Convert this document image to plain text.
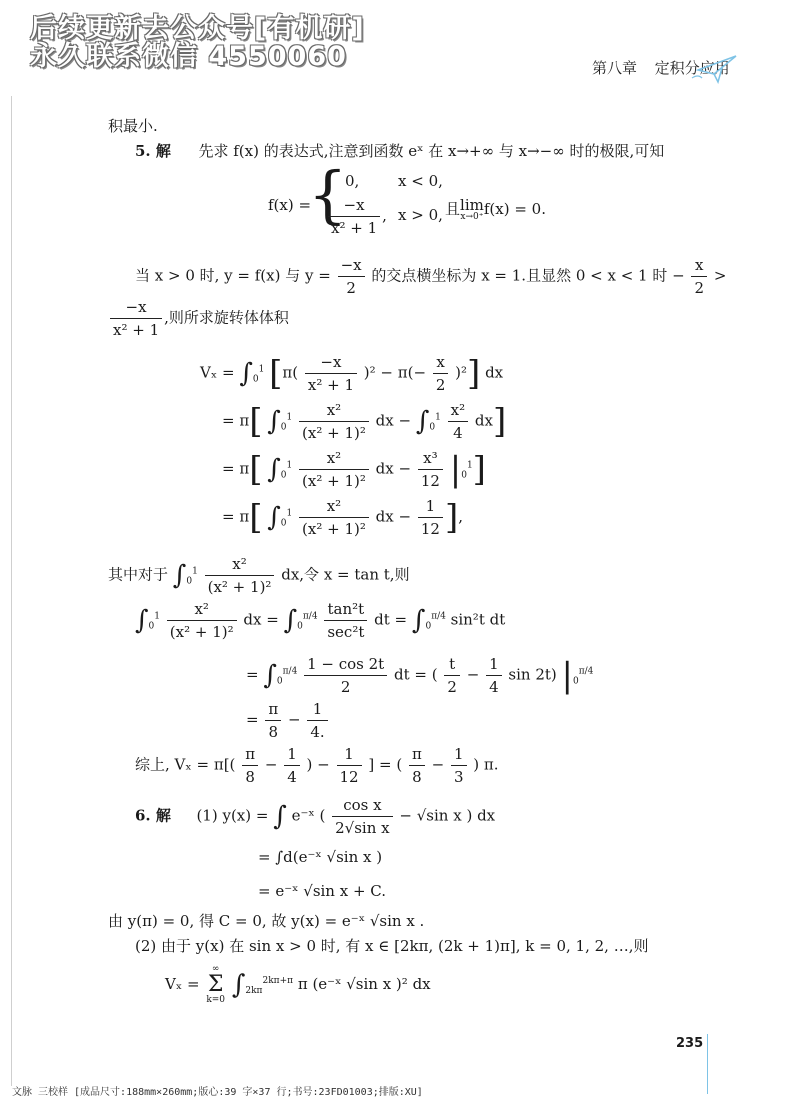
后续更新去公众号[有机研]
永久联系微信 4550060	第八章 定积分应用
积最小.
5. 解 先求 f(x) 的表达式,注意到函数 eˣ 在 x→+∞ 与 x→−∞ 时的极限,可知
f(x) =
{
0,	x < 0,
$\frac{-x}{\text{x² + 1}}$ , x > 0, 且lim
x→0⁺ f(x) = 0.
当 x > 0 时, y = f(x) 与 $y = \frac{-x}{2}$ 的交点横坐标为 x = 1.且显然 0 < x < 1 时 − $\frac{x}{2}$ >
$\frac{-x}{\text{x² + 1}}$ ,则所求旋转体体积
$V_x = \int_0^1$ $[\pi( \frac{-x}{\text{x² + 1}} )^2 - \pi(- \frac{x}{2} )^2]$ dx
= π[ $\int_0^1 \frac{\text{x²}}{\text{(x² + 1)²}}$ dx − $\int_0^1 \frac{\text{x²}}{4} dx$]
= π[ $\int_0^1 \frac{\text{x²}}{\text{(x² + 1)²}}$ dx − $\frac{\text{x³}}{12} |_0^1$]
= π[ $\int_0^1 \frac{\text{x²}}{\text{(x² + 1)²}}$ dx − $\frac{1}{12}$ ],
其中对于 $\int_0^1 \frac{\text{x²}}{\text{(x² + 1)²}}$ dx,令 x = tan t,则
$\int_0^1 \frac{\text{x²}}{\text{(x² + 1)²}}$ dx = $\int_0^{\pi/4} \frac{\text{tan²t}}{\text{sec²t}}$ dt = $\int_0^{\pi/4}$ sin²t dt
= $\int_0^{\pi/4} \frac{1 - \cos 2t}{2}$ dt = ( $\frac{t}{2} - \frac{1}{4}$ sin 2t) $|_0^{\pi/4}$
= $\frac{\pi}{8} - \frac{1}{4.}$
综上, $V_x = \pi[( \frac{\pi}{8} - \frac{1}{4}$ ) − $\frac{1}{12}$ ] = ( $\frac{\pi}{8} - \frac{1}{3}$ ) π.
6. 解 (1) y(x) = ∫ e⁻ˣ ( $\frac{\text{cos x}}{\text{2√sin x}} - √\sin$ x ) dx
= ∫d(e⁻ˣ √sin x )
= e⁻ˣ √sin x + C.
由 y(π) = 0, 得 C = 0, 故 y(x) = e⁻ˣ √sin x .
(2) 由于 y(x) 在 sin x > 0 时, 有 x ∈ [2kπ, (2k + 1)π], k = 0, 1, 2, …,则
Vₓ =
∞
Σ
k=0 $\int_{2k\pi}^{2k\pi+\pi}$ π (e⁻ˣ √sin x )² dx
235
文脉 三校样 [成品尺寸:188mm×260mm;版心:39 字×37 行;书号:23FD01003;排版:XU]
